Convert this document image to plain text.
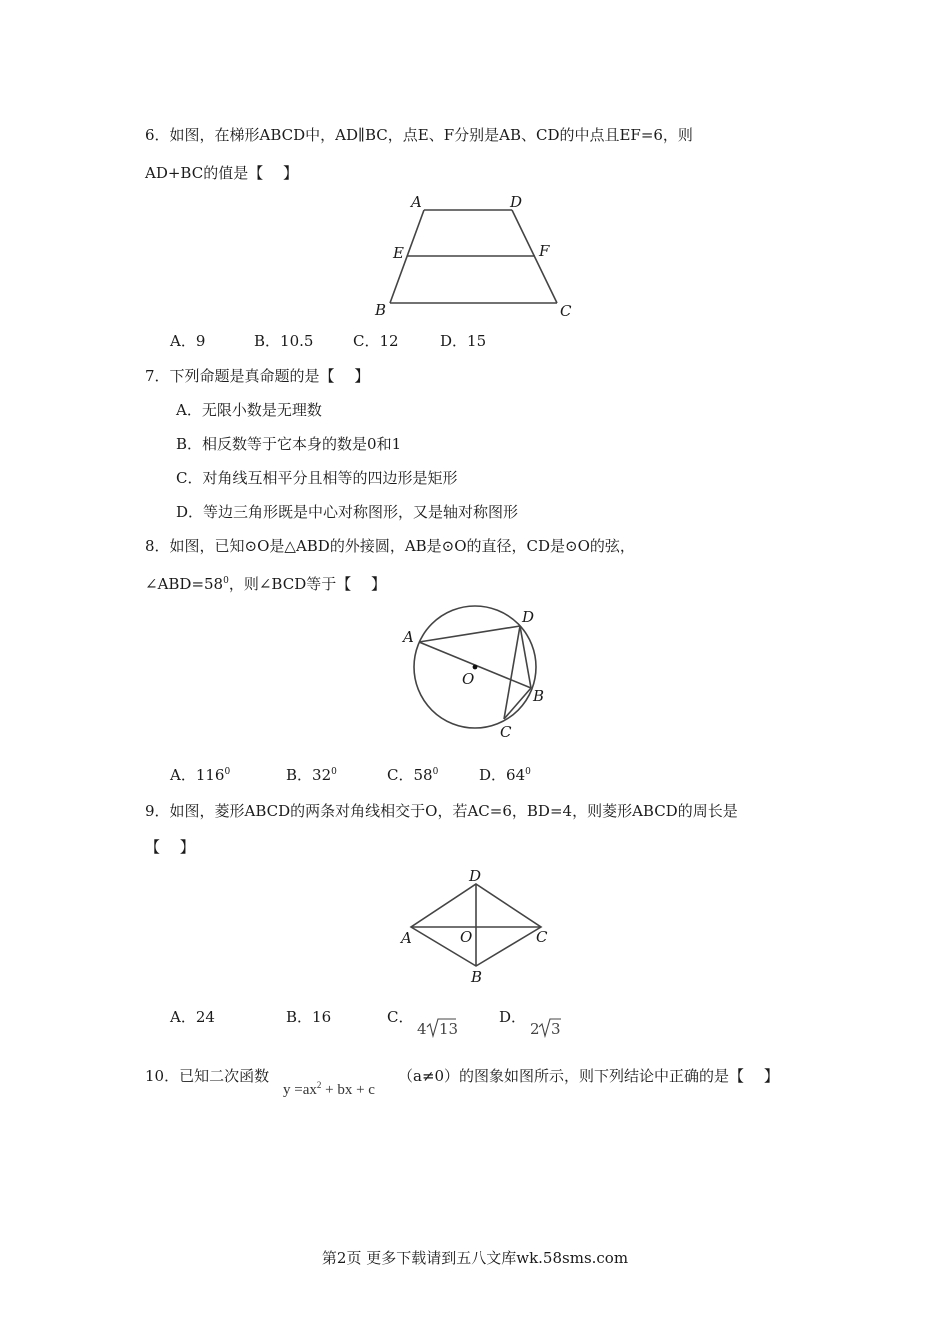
6．如图，在梯形ABCD中，AD∥BC，点E、F分别是AB、CD的中点且EF=6，则
AD+BC的值是【　 】
A	D
E	F
B	C
A．9	B．10.5	C．12	D．15
7．下列命题是真命题的是【　 】
A．无限小数是无理数
B．相反数等于它本身的数是0和1
C．对角线互相平分且相等的四边形是矩形
D．等边三角形既是中心对称图形，又是轴对称图形
8．如图，已知⊙O是△ABD的外接圆，AB是⊙O的直径，CD是⊙O的弦，
$\angle ABD=58^0$，则∠BCD等于【　 】
A
D
O
B
C
A．$116^0$	B．$32^0$	C．$58^0$	D．$64^0$
9．如图，菱形ABCD的两条对角线相交于O，若AC=6，BD=4，则菱形ABCD的周长是
【　 】
D
A	O	C
B
A．24	B．16	C．	D．
4 13	2 3
10．已知二次函数
$y =ax^2$ + bx + c
（a≠0）的图象如图所示，则下列结论中正确的是【　 】
第2页 更多下载请到五八文库wk.58sms.com
